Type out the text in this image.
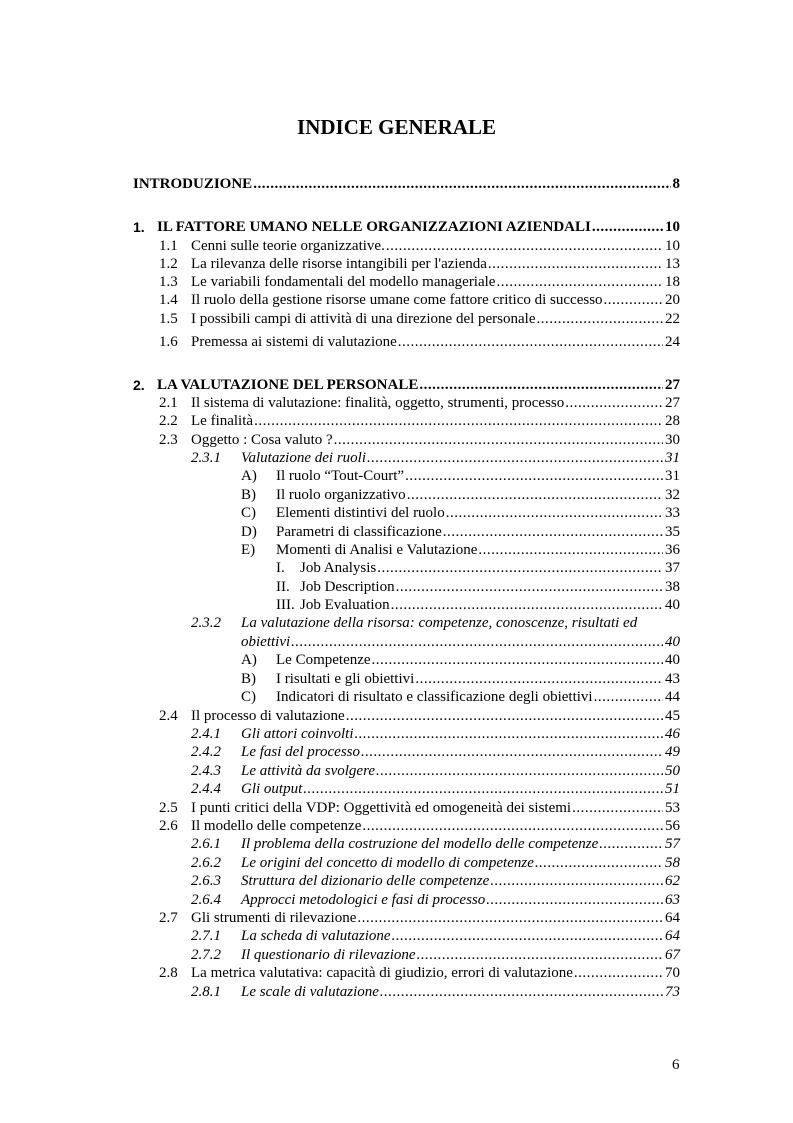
INDICE GENERALE
INTRODUZIONE .....	8
1. IL FATTORE UMANO NELLE ORGANIZZAZIONI AZIENDALI .....	10
1.1 Cenni sulle teorie organizzative. .....	10
1.2 La rilevanza delle risorse intangibili per l'azienda .....	13
1.3 Le variabili fondamentali del modello manageriale .....	18
1.4 Il ruolo della gestione risorse umane come fattore critico di successo .....	20
1.5 I possibili campi di attività di una direzione del personale .....	22
1.6 Premessa ai sistemi di valutazione .....	24
2. LA VALUTAZIONE DEL PERSONALE .....	27
2.1 Il sistema di valutazione: finalità, oggetto, strumenti, processo .....	27
2.2 Le finalità .....	28
2.3 Oggetto : Cosa valuto ? .....	30
2.3.1 Valutazione dei ruoli .....	31
A) Il ruolo “Tout-Court” .....	31
B) Il ruolo organizzativo .....	32
C) Elementi distintivi del ruolo .....	33
D) Parametri di classificazione .....	35
E) Momenti di Analisi e Valutazione .....	36
I. Job Analysis .....	37
II. Job Description .....	38
III. Job Evaluation .....	40
2.3.2 La valutazione della risorsa: competenze, conoscenze, risultati ed
obiettivi .....	40
A) Le Competenze .....	40
B) I risultati e gli obiettivi .....	43
C) Indicatori di risultato e classificazione degli obiettivi .....	44
2.4 Il processo di valutazione .....	45
2.4.1 Gli attori coinvolti .....	46
2.4.2 Le fasi del processo .....	49
2.4.3 Le attività da svolgere .....	50
2.4.4 Gli output .....	51
2.5 I punti critici della VDP: Oggettività ed omogeneità dei sistemi .....	53
2.6 Il modello delle competenze .....	56
2.6.1 Il problema della costruzione del modello delle competenze .....	57
2.6.2 Le origini del concetto di modello di competenze .....	58
2.6.3 Struttura del dizionario delle competenze .....	62
2.6.4 Approcci metodologici e fasi di processo .....	63
2.7 Gli strumenti di rilevazione .....	64
2.7.1 La scheda di valutazione .....	64
2.7.2 Il questionario di rilevazione .....	67
2.8 La metrica valutativa: capacità di giudizio, errori di valutazione .....	70
2.8.1 Le scale di valutazione .....	73
6
